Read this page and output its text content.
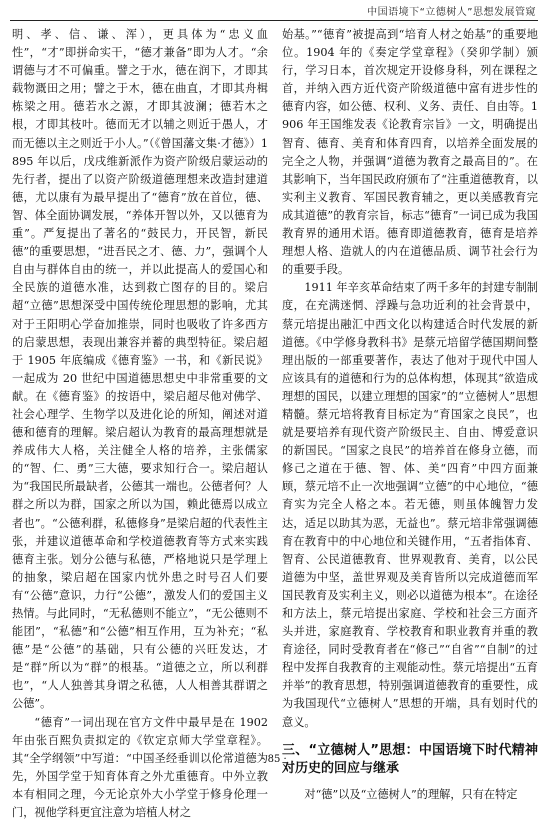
中国语境下“立德树人”思想发展管窥

明、孝、信、谦、浑），更具体为“忠义血性”，“才”即拼命实干，“德才兼备”即为人才。“余谓德与才不可偏重。譬之于水，德在润下，才即其载物溉田之用；譬之于木，德在曲直，才即其舟楫栋梁之用。德若水之源，才即其波澜；德若木之根，才即其枝叶。德而无才以辅之则近于愚人，才而无德以主之则近于小人。”（《曾国藩文集·才德》）1895 年以后，戊戌维新派作为资产阶级启蒙运动的先行者，提出了以资产阶级道德理想来改造封建道德，尤以康有为最早提出了“德育”放在首位，德、智、体全面协调发展，“养体开智以外，又以德育为重”。严复提出了著名的“鼓民力，开民智，新民德”的重要思想，“进吾民之才、德、力”，强调个人自由与群体自由的统一，并以此提高人的爱国心和全民族的道德水准，达到救亡图存的目的。梁启超“立德”思想深受中国传统伦理思想的影响，尤其对于王阳明心学奋加推崇，同时也吸收了许多西方的启蒙思想，表现出兼容并蓄的典型特征。梁启超于 1905 年底编成《德育鉴》一书，和《新民说》一起成为 20 世纪中国道德思想史中非常重要的文献。在《德育鉴》的按语中，梁启超尽他对佛学、社会心理学、生物学以及进化论的所知，阐述对道德和德育的理解。梁启超认为教育的最高理想就是养成伟大人格，关注健全人格的培养，主张儒家的“智、仁、勇”三大德，要求知行合一。梁启超认为“我国民所最缺者，公德其一端也。公德者何？人群之所以为群，国家之所以为国，赖此德焉以成立者也”。“公德利群，私德修身”是梁启超的代表性主张，并建议道德革命和学校道德教育等方式来实践德育主张。划分公德与私德，严格地说只是学理上的抽象，梁启超在国家内忧外患之时号召人们要有“公德”意识，力行“公德”，激发人们的爱国主义热情。与此同时，“无私德则不能立”，“无公德则不能团”，“私德”和“公德”相互作用，互为补充；“私德”是“公德”的基础，只有公德的兴旺发达，才是“群”所以为“群”的根基。“道德之立，所以利群也”，“人人独善其身谓之私德，人人相善其群谓之公德”。

“德育”一词出现在官方文件中最早是在 1902 年由张百熙负责拟定的《钦定京师大学堂章程》。其“全学纲领”中写道：“中国圣经垂训以伦常道德为先，外国学堂于知育体育之外尤重德育。中外立教本有相同之理，今无论京外大小学堂于修身伦理一门，视他学科更宜注意为培植人材之

始基。”“德育”被提高到“培育人材之始基”的重要地位。1904 年的《奏定学堂章程》（癸卯学制）颁行，学习日本，首次规定开设修身科，列在课程之首，并纳入西方近代资产阶级道德中富有进步性的德育内容，如公德、权利、义务、责任、自由等。1906 年王国维发表《论教育宗旨》一文，明确提出智育、德育、美育和体育四育，以培养全面发展的完全之人物，并强调“道德为教育之最高目的”。在其影响下，当年国民政府颁布了“注重道德教育，以实利主义教育、军国民教育辅之，更以美感教育完成其道德”的教育宗旨，标志“德育”一词已成为我国教育界的通用术语。德育即道德教育，德育是培养理想人格、造就人的内在道德品质、调节社会行为的重要手段。

1911 年辛亥革命结束了两千多年的封建专制制度，在充满迷惘、浮躁与急功近利的社会背景中，蔡元培提出融汇中西文化以构建适合时代发展的新道德。《中学修身教科书》是蔡元培留学德国期间整理出版的一部重要著作，表达了他对于现代中国人应该具有的道德和行为的总体构想，体现其“欲造成理想的国民，以建立理想的国家”的“立德树人”思想精髓。蔡元培将教育目标定为“育国家之良民”，也就是要培养有现代资产阶级民主、自由、博爱意识的新国民。“国家之良民”的培养首在修身立德，而修己之道在于德、智、体、美“四育”中四方面兼顾，蔡元培不止一次地强调“立德”的中心地位，“德育实为完全人格之本。若无德，则虽体魄智力发达，适足以助其为恶，无益也”。蔡元培非常强调德育在教育中的中心地位和关键作用，“五者指体育、智育、公民道德教育、世界观教育、美育，以公民道德为中坚，盖世界观及美育皆所以完成道德而军国民教育及实利主义，则必以道德为根本”。在途径和方法上，蔡元培提出家庭、学校和社会三方面齐头并进，家庭教育、学校教育和职业教育并重的教育途径，同时受教育者在“修己”“自省”“自制”的过程中发挥自我教育的主观能动性。蔡元培提出“五育并举”的教育思想，特别强调道德教育的重要性，成为我国现代“立德树人”思想的开端，具有划时代的意义。

三、“立德树人”思想：中国语境下时代精神对历史的回应与继承

对“德”以及“立德树人”的理解，只有在特定

· 85 ·
